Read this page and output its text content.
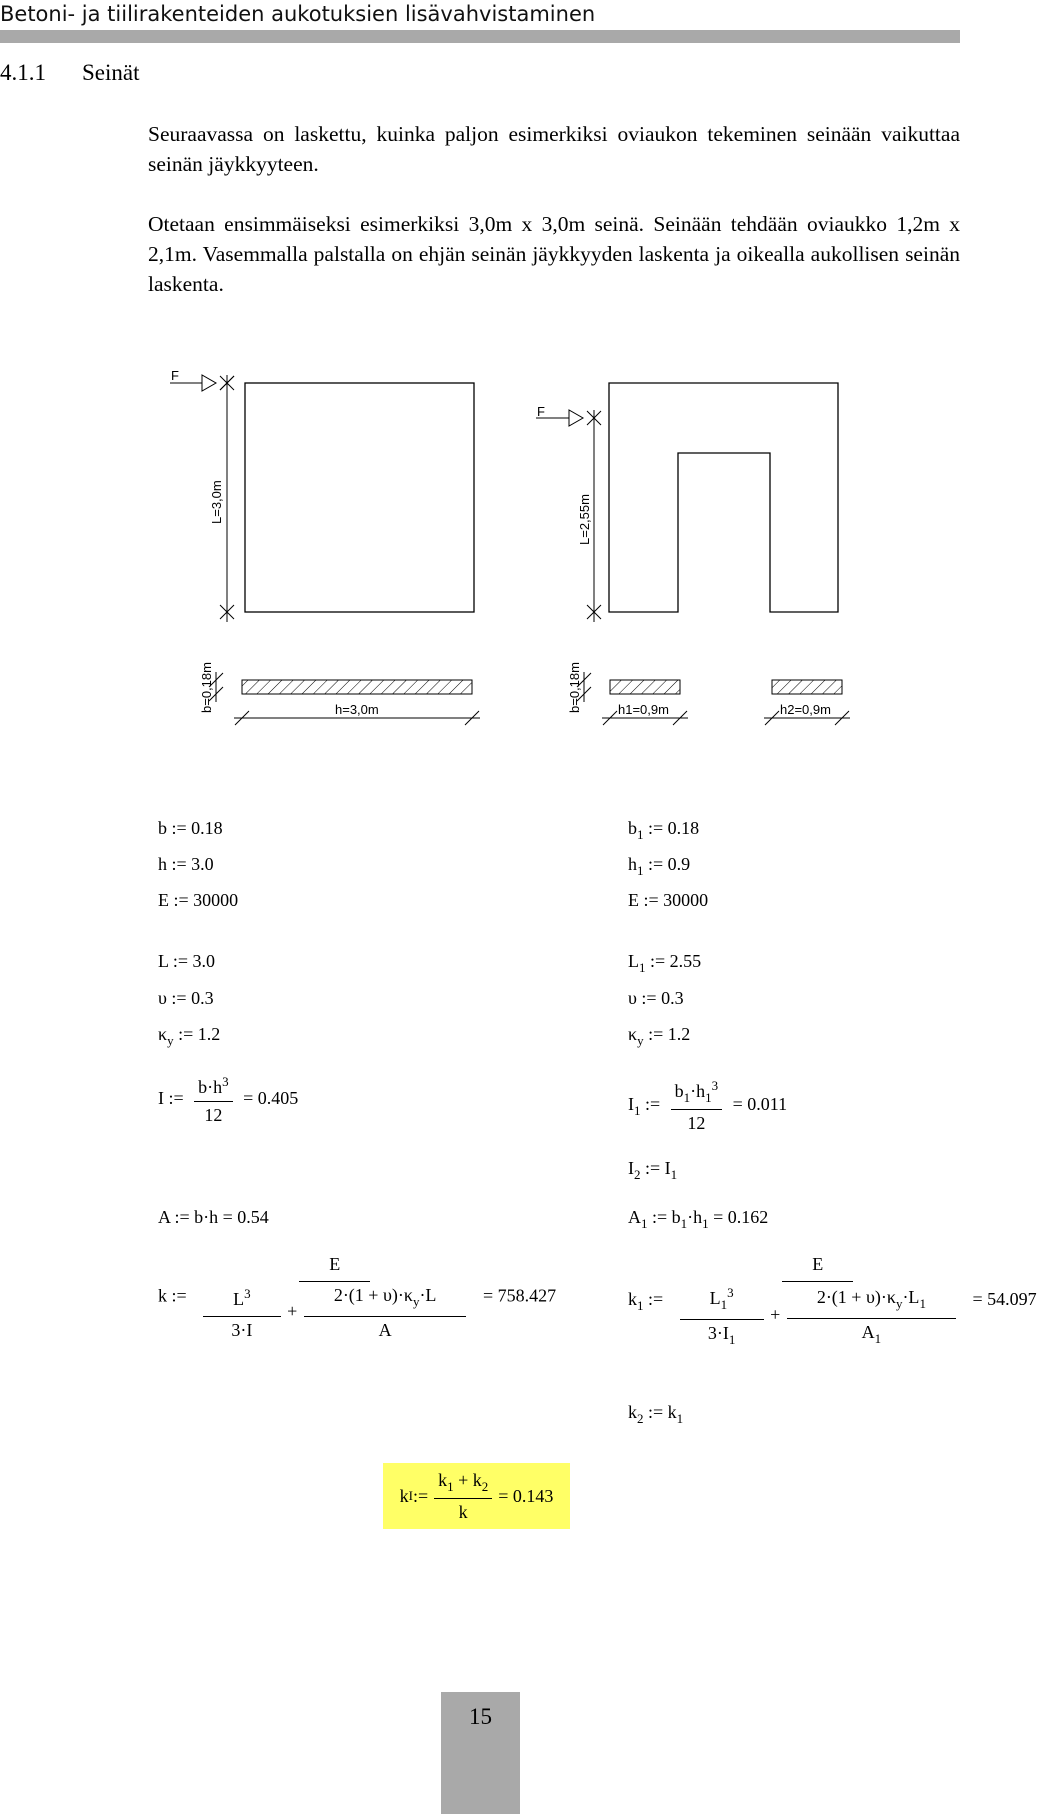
Betoni- ja tiilirakenteiden aukotuksien lisävahvistaminen
4.1.1 Seinät
Seuraavassa on laskettu, kuinka paljon esimerkiksi oviaukon tekeminen seinään vaikuttaa seinän jäykkyyteen.
Otetaan ensimmäiseksi esimerkiksi 3,0m x 3,0m seinä. Seinään tehdään oviaukko 1,2m x 2,1m. Vasemmalla palstalla on ehjän seinän jäykkyyden laskenta ja oikealla aukollisen seinän laskenta.
F
L=3,0m
F
L=2,55m
b=0,18m	h=3,0m	b=0,18m	h1=0,9m	h2=0,9m
b := 0.18
h := 3.0
E := 30000
L := 3.0
υ := 0.3
$\kappa_y$ := 1.2
I := $\frac{b\cdot h^3}{12} = 0.405$
A := b·h = 0.54
k :=
E
$\frac{L^3}{3\cdot I} + \frac{2\cdot(1 + \upsilon)\cdot\kappa_y\cdot L}{A} = 758.427$
$b_1$ := 0.18
$h_1$ := 0.9
E := 30000
$L_1$ := 2.55
υ := 0.3
$\kappa_y$ := 1.2
$I_1$ := $\frac{b_1\cdot h_1^3}{12} = 0.011$
$I_2$ := $I_1$
$A_1$ := $b_1\cdot h_1 = 0.162$
$k_1$ :=
E
$\frac{L_1^3}{3\cdot I_1} + \frac{2\cdot(1 + \upsilon)\cdot\kappa_y\cdot L_1}{A_1} = 54.097$
$k_2$ := $k_1$
k I := $\frac{k_1 + k_2}{k} = 0.143$
15
